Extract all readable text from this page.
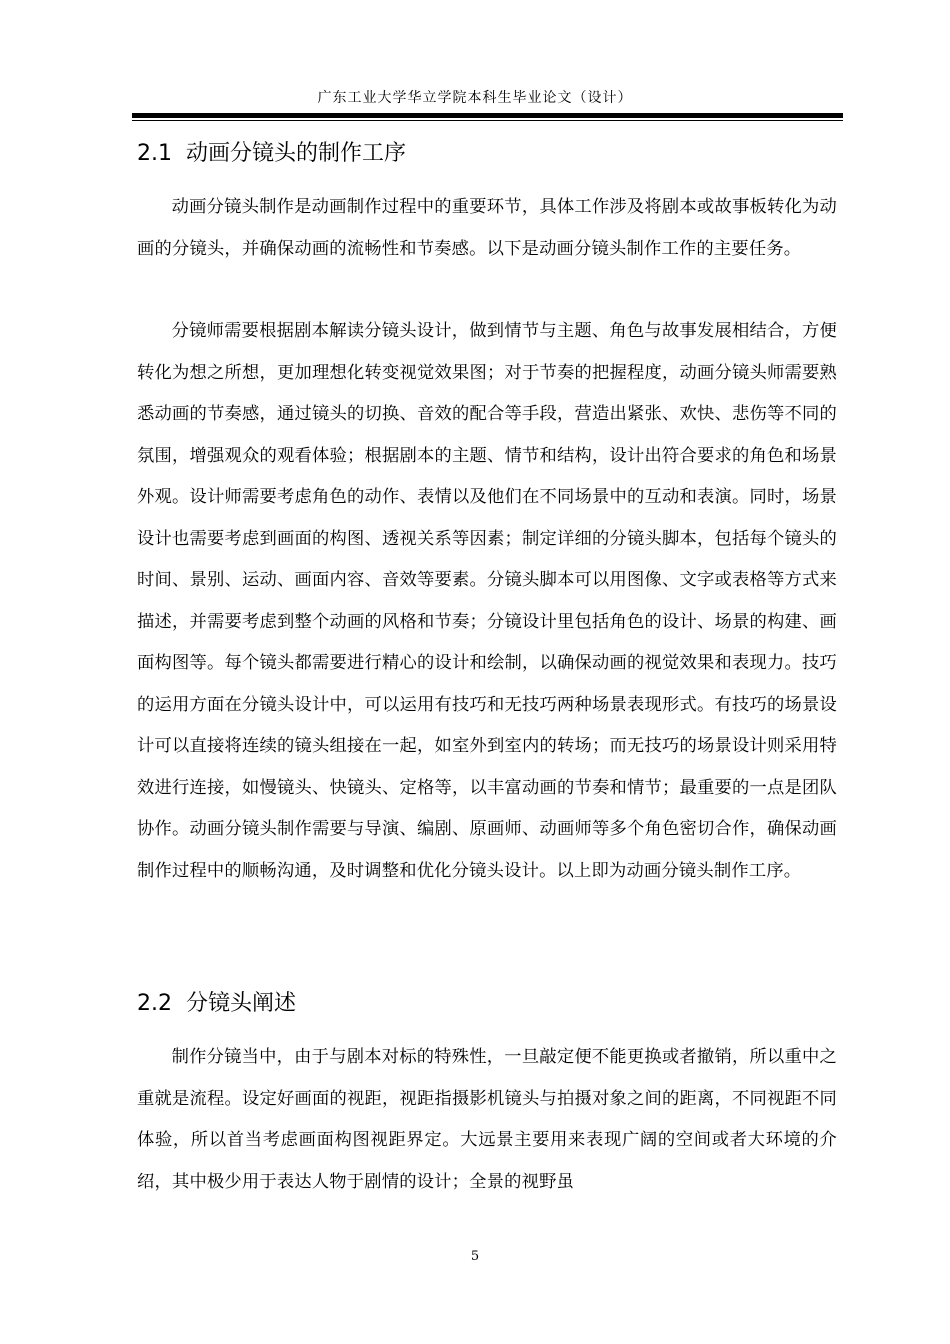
广东工业大学华立学院本科生毕业论文（设计）
2.1 动画分镜头的制作工序

动画分镜头制作是动画制作过程中的重要环节，具体工作涉及将剧本或故事板转化为动画的分镜头，并确保动画的流畅性和节奏感。以下是动画分镜头制作工作的主要任务。

分镜师需要根据剧本解读分镜头设计，做到情节与主题、角色与故事发展相结合，方便转化为想之所想，更加理想化转变视觉效果图；对于节奏的把握程度，动画分镜头师需要熟悉动画的节奏感，通过镜头的切换、音效的配合等手段，营造出紧张、欢快、悲伤等不同的氛围，增强观众的观看体验；根据剧本的主题、情节和结构，设计出符合要求的角色和场景外观。设计师需要考虑角色的动作、表情以及他们在不同场景中的互动和表演。同时，场景设计也需要考虑到画面的构图、透视关系等因素；制定详细的分镜头脚本，包括每个镜头的时间、景别、运动、画面内容、音效等要素。分镜头脚本可以用图像、文字或表格等方式来描述，并需要考虑到整个动画的风格和节奏；分镜设计里包括角色的设计、场景的构建、画面构图等。每个镜头都需要进行精心的设计和绘制，以确保动画的视觉效果和表现力。技巧的运用方面在分镜头设计中，可以运用有技巧和无技巧两种场景表现形式。有技巧的场景设计可以直接将连续的镜头组接在一起，如室外到室内的转场；而无技巧的场景设计则采用特效进行连接，如慢镜头、快镜头、定格等，以丰富动画的节奏和情节；最重要的一点是团队协作。动画分镜头制作需要与导演、编剧、原画师、动画师等多个角色密切合作，确保动画制作过程中的顺畅沟通，及时调整和优化分镜头设计。以上即为动画分镜头制作工序。

2.2 分镜头阐述

制作分镜当中，由于与剧本对标的特殊性，一旦敲定便不能更换或者撤销，所以重中之重就是流程。设定好画面的视距，视距指摄影机镜头与拍摄对象之间的距离，不同视距不同体验，所以首当考虑画面构图视距界定。大远景主要用来表现广阔的空间或者大环境的介绍，其中极少用于表达人物于剧情的设计；全景的视野虽

5
